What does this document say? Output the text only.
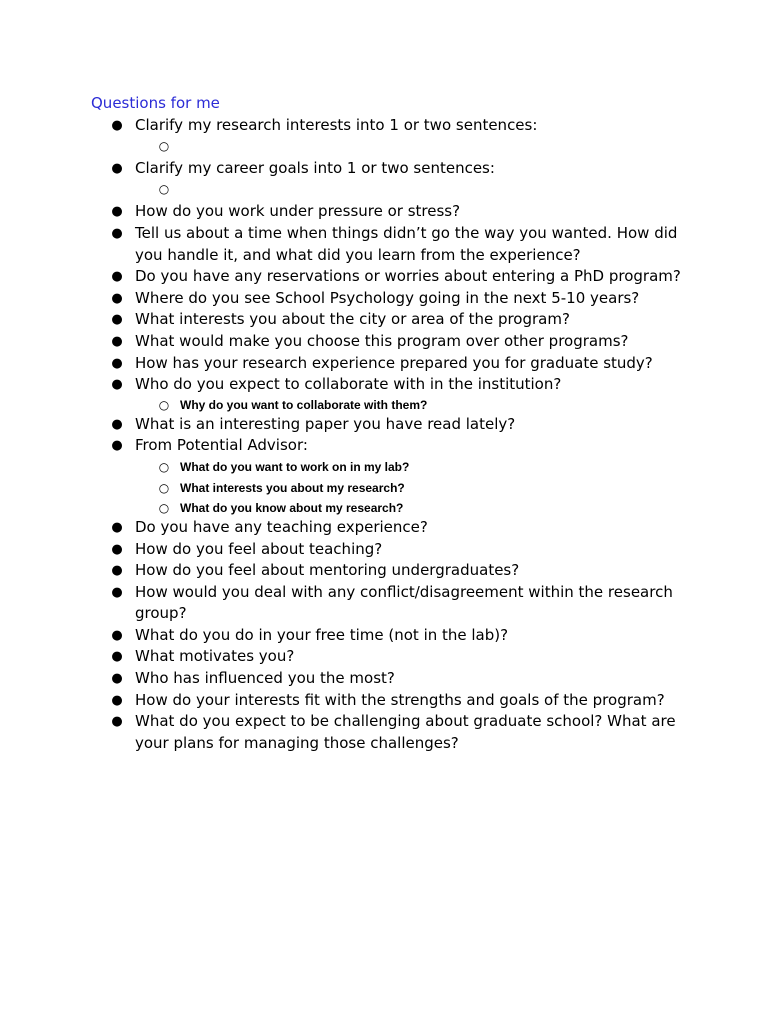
Questions for me
● Clarify my research interests into 1 or two sentences:
○
● Clarify my career goals into 1 or two sentences:
○
● How do you work under pressure or stress?
● Tell us about a time when things didn’t go the way you wanted. How did you handle it, and what did you learn from the experience?
● Do you have any reservations or worries about entering a PhD program?
● Where do you see School Psychology going in the next 5-10 years?
● What interests you about the city or area of the program?
● What would make you choose this program over other programs?
● How has your research experience prepared you for graduate study?
● Who do you expect to collaborate with in the institution?
○ Why do you want to collaborate with them?
● What is an interesting paper you have read lately?
● From Potential Advisor:
○ What do you want to work on in my lab?
○ What interests you about my research?
○ What do you know about my research?
● Do you have any teaching experience?
● How do you feel about teaching?
● How do you feel about mentoring undergraduates?
● How would you deal with any conflict/disagreement within the research group?
● What do you do in your free time (not in the lab)?
● What motivates you?
● Who has influenced you the most?
● How do your interests fit with the strengths and goals of the program?
● What do you expect to be challenging about graduate school? What are your plans for managing those challenges?
